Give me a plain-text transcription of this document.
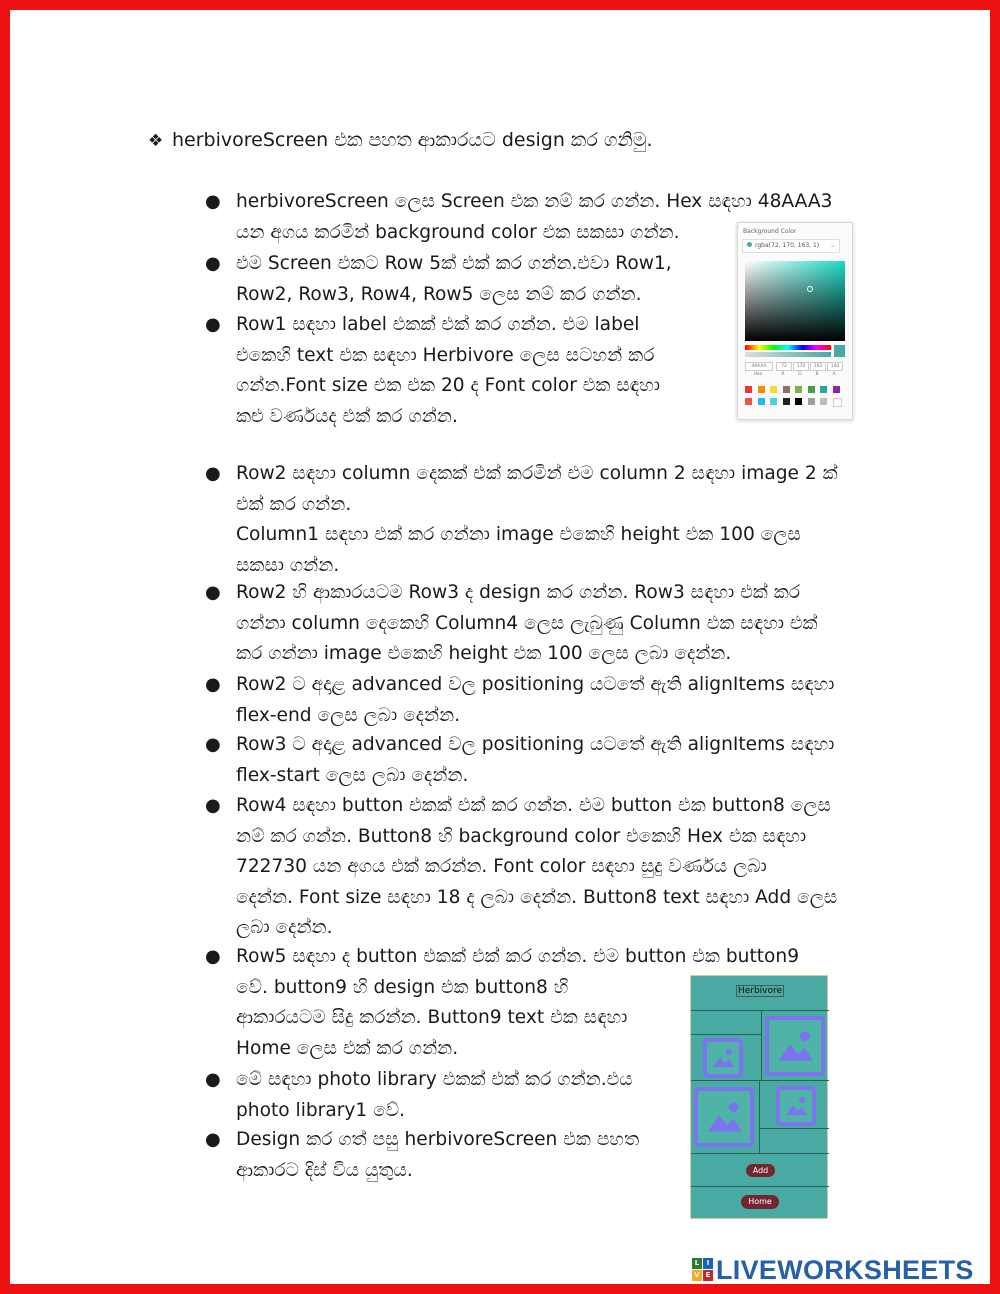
❖ herbivoreScreen එක පහත ආකාරයට design කර ගනිමු.
● herbivoreScreen ලෙස Screen එක නම් කර ගන්න. Hex සඳහා 48AAA3
යන අගය කරමින් background color එක සකසා ගන්න.
● එම Screen එකට Row 5ක් එක් කර ගන්න.එවා Row1,
Row2, Row3, Row4, Row5 ලෙස නම් කර ගන්න.
● Row1 සඳහා label එකක් එක් කර ගන්න. එම label
එකෙහි text එක සඳහා Herbivore ලෙස සටහන් කර
ගන්න.Font size එක එක 20 ද Font color එක සඳහා
කළු වර්ණයද එක් කර ගන්න.
● Row2 සඳහා column දෙකක් එක් කරමින් එම column 2 සඳහා image 2 ක්
එක් කර ගන්න.
Column1 සඳහා එක් කර ගන්නා image එකෙහි height එක 100 ලෙස
සකසා ගන්න.
● Row2 හි ආකාරයටම Row3 ද design කර ගන්න. Row3 සඳහා එක් කර
ගන්නා column දෙකෙහි Column4 ලෙස ලැබුණු Column එක සඳහා එක්
කර ගන්නා image එකෙහි height එක 100 ලෙස ලබා දෙන්න.
● Row2 ට අදාළ advanced වල positioning යටතේ ඇති alignItems සඳහා
flex-end ලෙස ලබා දෙන්න.
● Row3 ට අදාළ advanced වල positioning යටතේ ඇති alignItems සඳහා
flex-start ලෙස ලබා දෙන්න.
● Row4 සඳහා button එකක් එක් කර ගන්න. එම button එක button8 ලෙස
නම් කර ගන්න. Button8 හි background color එකෙහි Hex එක සඳහා
722730 යන අගය එක් කරන්න. Font color සඳහා සුදු වර්ණය ලබා
දෙන්න. Font size සඳහා 18 ද ලබා දෙන්න. Button8 text සඳහා Add ලෙස
ලබා දෙන්න.
● Row5 සඳහා ද button එකක් එක් කර ගන්න. එම button එක button9
වේ. button9 හි design එක button8 හි
ආකාරයටම සිදු කරන්න. Button9 text එක සඳහා
Home ලෙස එක් කර ගන්න.
● මේ සඳහා photo library එකක් එක් කර ගන්න.එය
photo library1 වේ.
● Design කර ගත් පසු herbivoreScreen එක පහත
ආකාරට දිස් විය යුතුය.
Background Color
rgba(72, 170, 163, 1) ⌄
48AAA
Hex
72
R
170
G
163
B
100
A
Herbivore
Add
Home
L	I
V E LIVEWORKSHEETS
